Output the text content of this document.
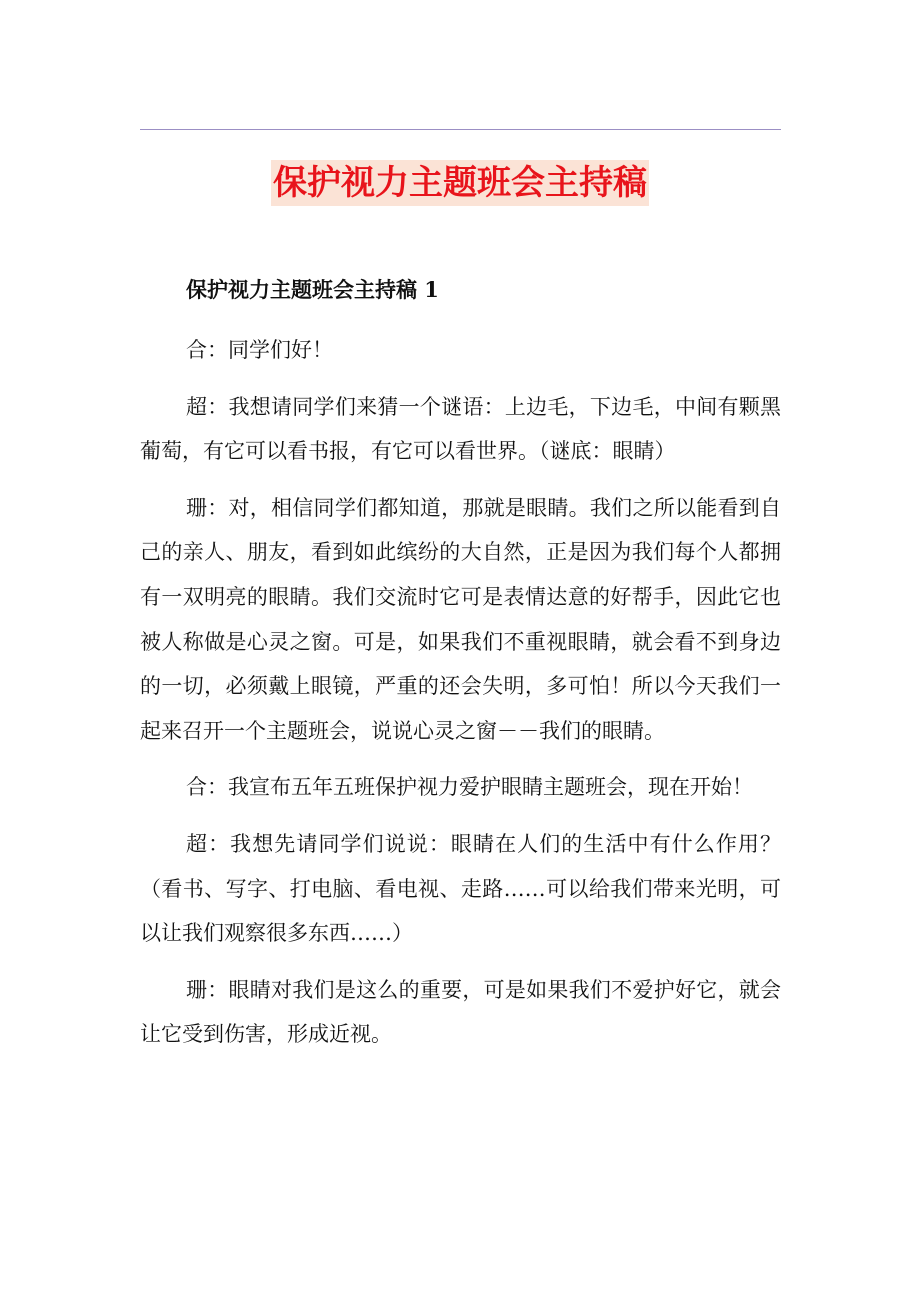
保护视力主题班会主持稿
保护视力主题班会主持稿 1

合：同学们好！

超：我想请同学们来猜一个谜语：上边毛，下边毛，中间有颗黑葡萄，有它可以看书报，有它可以看世界。（谜底：眼睛）

珊：对，相信同学们都知道，那就是眼睛。我们之所以能看到自己的亲人、朋友，看到如此缤纷的大自然，正是因为我们每个人都拥有一双明亮的眼睛。我们交流时它可是表情达意的好帮手，因此它也被人称做是心灵之窗。可是，如果我们不重视眼睛，就会看不到身边的一切，必须戴上眼镜，严重的还会失明，多可怕！所以今天我们一起来召开一个主题班会，说说心灵之窗－－我们的眼睛。

合：我宣布五年五班保护视力爱护眼睛主题班会，现在开始！

超：我想先请同学们说说：眼睛在人们的生活中有什么作用？（看书、写字、打电脑、看电视、走路……可以给我们带来光明，可以让我们观察很多东西……）

珊：眼睛对我们是这么的重要，可是如果我们不爱护好它，就会让它受到伤害，形成近视。
